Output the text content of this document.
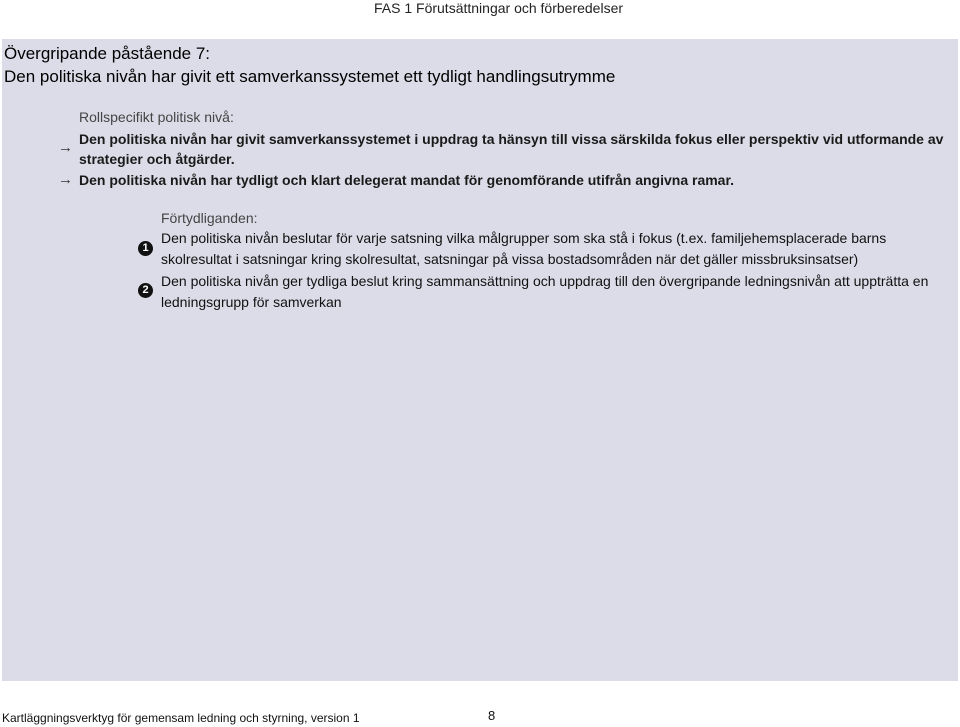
FAS 1 Förutsättningar och förberedelser
Övergripande påstående 7:
Den politiska nivån har givit ett samverkanssystemet ett tydligt handlingsutrymme
Rollspecifikt politisk nivå:
→ Den politiska nivån har givit samverkanssystemet i uppdrag ta hänsyn till vissa särskilda fokus eller perspektiv vid utformande av strategier och åtgärder.
→ Den politiska nivån har tydligt och klart delegerat mandat för genomförande utifrån angivna ramar.
Förtydliganden:
1
Den politiska nivån beslutar för varje satsning vilka målgrupper som ska stå i fokus (t.ex. familjehemsplacerade barns skolresultat i satsningar kring skolresultat, satsningar på vissa bostadsområden när det gäller missbruksinsatser)
2
Den politiska nivån ger tydliga beslut kring sammansättning och uppdrag till den övergripande ledningsnivån att uppträtta en ledningsgrupp för samverkan
Kartläggningsverktyg för gemensam ledning och styrning, version 1	8
